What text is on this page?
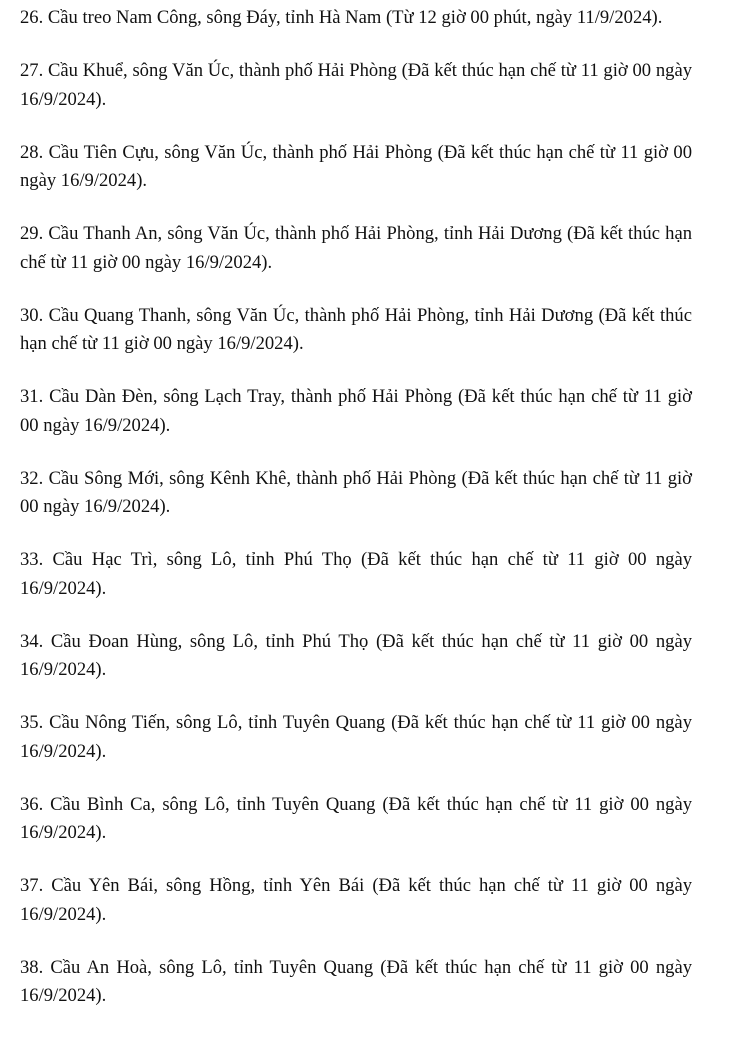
26. Cầu treo Nam Công, sông Đáy, tỉnh Hà Nam (Từ 12 giờ 00 phút, ngày 11/9/2024).

27. Cầu Khuể, sông Văn Úc, thành phố Hải Phòng (Đã kết thúc hạn chế từ 11 giờ 00 ngày 16/9/2024).

28. Cầu Tiên Cựu, sông Văn Úc, thành phố Hải Phòng (Đã kết thúc hạn chế từ 11 giờ 00 ngày 16/9/2024).

29. Cầu Thanh An, sông Văn Úc, thành phố Hải Phòng, tỉnh Hải Dương (Đã kết thúc hạn chế từ 11 giờ 00 ngày 16/9/2024).

30. Cầu Quang Thanh, sông Văn Úc, thành phố Hải Phòng, tỉnh Hải Dương (Đã kết thúc hạn chế từ 11 giờ 00 ngày 16/9/2024).

31. Cầu Dàn Đèn, sông Lạch Tray, thành phố Hải Phòng (Đã kết thúc hạn chế từ 11 giờ 00 ngày 16/9/2024).

32. Cầu Sông Mới, sông Kênh Khê, thành phố Hải Phòng (Đã kết thúc hạn chế từ 11 giờ 00 ngày 16/9/2024).

33. Cầu Hạc Trì, sông Lô, tỉnh Phú Thọ (Đã kết thúc hạn chế từ 11 giờ 00 ngày 16/9/2024).

34. Cầu Đoan Hùng, sông Lô, tỉnh Phú Thọ (Đã kết thúc hạn chế từ 11 giờ 00 ngày 16/9/2024).

35. Cầu Nông Tiến, sông Lô, tỉnh Tuyên Quang (Đã kết thúc hạn chế từ 11 giờ 00 ngày 16/9/2024).

36. Cầu Bình Ca, sông Lô, tỉnh Tuyên Quang (Đã kết thúc hạn chế từ 11 giờ 00 ngày 16/9/2024).

37. Cầu Yên Bái, sông Hồng, tỉnh Yên Bái (Đã kết thúc hạn chế từ 11 giờ 00 ngày 16/9/2024).

38. Cầu An Hoà, sông Lô, tỉnh Tuyên Quang (Đã kết thúc hạn chế từ 11 giờ 00 ngày 16/9/2024).
